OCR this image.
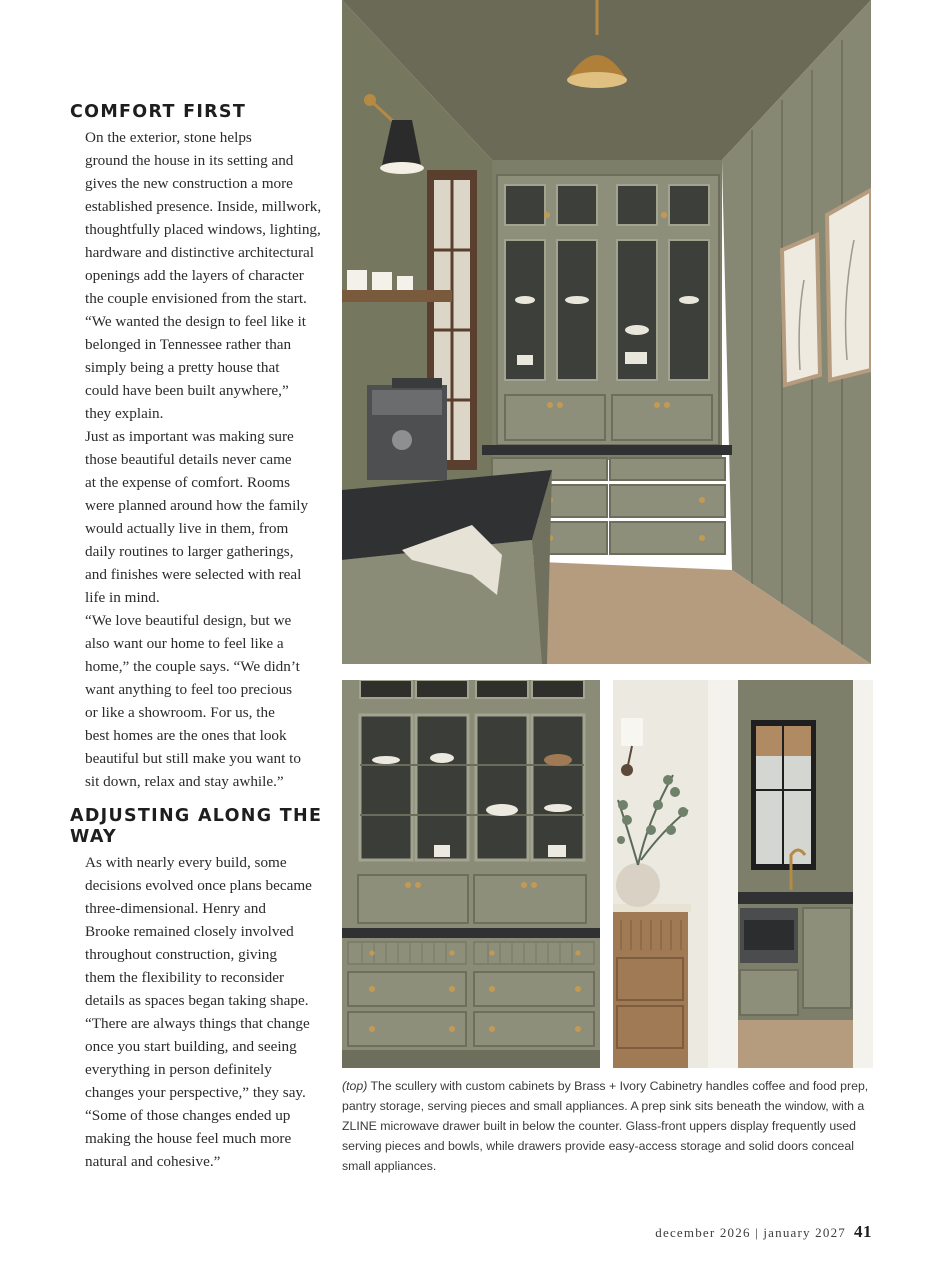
COMFORT FIRST
On the exterior, stone helps
ground the house in its setting and
gives the new construction a more
established presence. Inside, millwork,
thoughtfully placed windows, lighting,
hardware and distinctive architectural
openings add the layers of character
the couple envisioned from the start.
“We wanted the design to feel like it
belonged in Tennessee rather than
simply being a pretty house that
could have been built anywhere,”
they explain.
Just as important was making sure
those beautiful details never came
at the expense of comfort. Rooms
were planned around how the family
would actually live in them, from
daily routines to larger gatherings,
and finishes were selected with real
life in mind.
“We love beautiful design, but we
also want our home to feel like a
home,” the couple says. “We didn’t
want anything to feel too precious
or like a showroom. For us, the
best homes are the ones that look
beautiful but still make you want to
sit down, relax and stay awhile.”
ADJUSTING ALONG THE
WAY
As with nearly every build, some
decisions evolved once plans became
three-dimensional. Henry and
Brooke remained closely involved
throughout construction, giving
them the flexibility to reconsider
details as spaces began taking shape.
“There are always things that change
once you start building, and seeing
everything in person definitely
changes your perspective,” they say.
“Some of those changes ended up
making the house feel much more
natural and cohesive.”
(top) The scullery with custom cabinets by Brass + Ivory Cabinetry handles coffee and food prep, pantry storage, serving pieces and small appliances. A prep sink sits beneath the window, with a ZLINE microwave drawer built in below the counter. Glass-front uppers display frequently used serving pieces and bowls, while drawers provide easy-access storage and solid doors conceal small appliances.
december 2026 | january 2027 41
